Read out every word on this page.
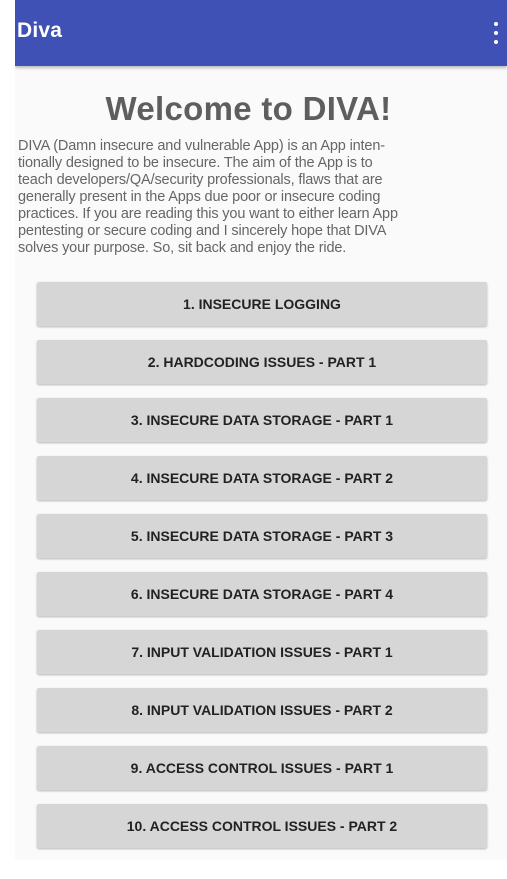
Diva
Welcome to DIVA!
DIVA (Damn insecure and vulnerable App) is an App inten-
tionally designed to be insecure. The aim of the App is to
teach developers/QA/security professionals, flaws that are
generally present in the Apps due poor or insecure coding
practices. If you are reading this you want to either learn App
pentesting or secure coding and I sincerely hope that DIVA
solves your purpose. So, sit back and enjoy the ride.
1. INSECURE LOGGING
2. HARDCODING ISSUES - PART 1
3. INSECURE DATA STORAGE - PART 1
4. INSECURE DATA STORAGE - PART 2
5. INSECURE DATA STORAGE - PART 3
6. INSECURE DATA STORAGE - PART 4
7. INPUT VALIDATION ISSUES - PART 1
8. INPUT VALIDATION ISSUES - PART 2
9. ACCESS CONTROL ISSUES - PART 1
10. ACCESS CONTROL ISSUES - PART 2
